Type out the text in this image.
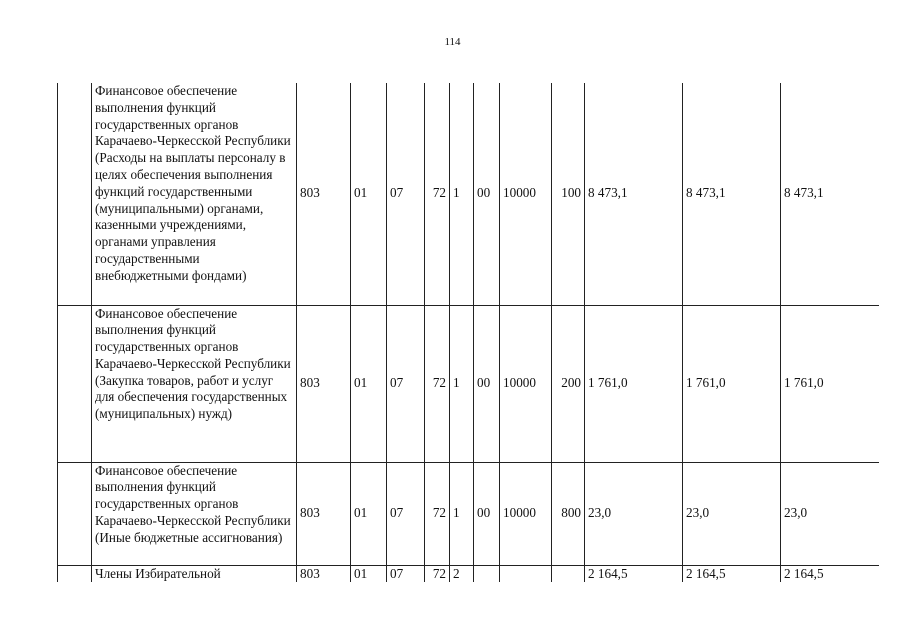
114
	Финансовое обеспечение выполнения функций государственных органов Карачаево-Черкесской Республики (Расходы на выплаты персоналу в целях обеспечения выполнения функций государственными (муниципальными) органами, казенными учреждениями, органами управления государственными внебюджетными фондами)	803	01	07	72	1	00	10000	100	8 473,1	8 473,1	8 473,1
	Финансовое обеспечение выполнения функций государственных органов Карачаево-Черкесской Республики (Закупка товаров, работ и услуг для обеспечения государственных (муниципальных) нужд)	803	01	07	72	1	00	10000	200	1 761,0	1 761,0	1 761,0
	Финансовое обеспечение выполнения функций государственных органов Карачаево-Черкесской Республики (Иные бюджетные ассигнования)	803	01	07	72	1	00	10000	800	23,0	23,0	23,0
	Члены Избирательной	803	01	07	72	2				2 164,5	2 164,5	2 164,5
